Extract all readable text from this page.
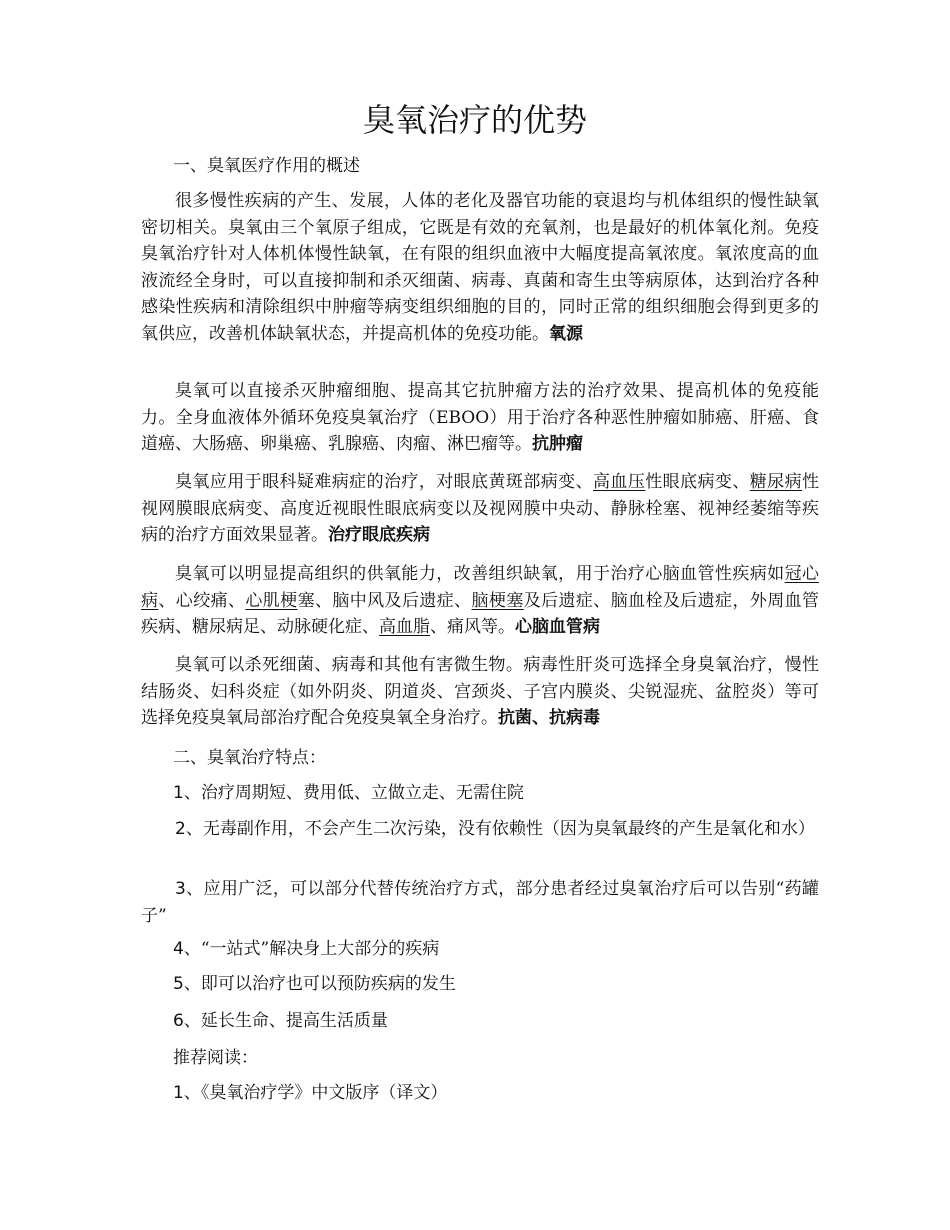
臭氧治疗的优势
一、臭氧医疗作用的概述

很多慢性疾病的产生、发展，人体的老化及器官功能的衰退均与机体组织的慢性缺氧密切相关。臭氧由三个氧原子组成，它既是有效的充氧剂，也是最好的机体氧化剂。免疫臭氧治疗针对人体机体慢性缺氧，在有限的组织血液中大幅度提高氧浓度。氧浓度高的血液流经全身时，可以直接抑制和杀灭细菌、病毒、真菌和寄生虫等病原体，达到治疗各种感染性疾病和清除组织中肿瘤等病变组织细胞的目的，同时正常的组织细胞会得到更多的氧供应，改善机体缺氧状态，并提高机体的免疫功能。氧源

臭氧可以直接杀灭肿瘤细胞、提高其它抗肿瘤方法的治疗效果、提高机体的免疫能力。全身血液体外循环免疫臭氧治疗（EBOO）用于治疗各种恶性肿瘤如肺癌、肝癌、食道癌、大肠癌、卵巢癌、乳腺癌、肉瘤、淋巴瘤等。抗肿瘤

臭氧应用于眼科疑难病症的治疗，对眼底黄斑部病变、高血压性眼底病变、糖尿病性视网膜眼底病变、高度近视眼性眼底病变以及视网膜中央动、静脉栓塞、视神经萎缩等疾病的治疗方面效果显著。治疗眼底疾病

臭氧可以明显提高组织的供氧能力，改善组织缺氧，用于治疗心脑血管性疾病如冠心病、心绞痛、心肌梗塞、脑中风及后遗症、脑梗塞及后遗症、脑血栓及后遗症，外周血管疾病、糖尿病足、动脉硬化症、高血脂、痛风等。心脑血管病

臭氧可以杀死细菌、病毒和其他有害微生物。病毒性肝炎可选择全身臭氧治疗，慢性结肠炎、妇科炎症（如外阴炎、阴道炎、宫颈炎、子宫内膜炎、尖锐湿疣、盆腔炎）等可选择免疫臭氧局部治疗配合免疫臭氧全身治疗。抗菌、抗病毒

二、臭氧治疗特点：
1、治疗周期短、费用低、立做立走、无需住院

2、无毒副作用，不会产生二次污染，没有依赖性（因为臭氧最终的产生是氧化和水）

3、应用广泛，可以部分代替传统治疗方式，部分患者经过臭氧治疗后可以告别“药罐子”

4、“一站式”解决身上大部分的疾病
5、即可以治疗也可以预防疾病的发生
6、延长生命、提高生活质量
推荐阅读：
1、《臭氧治疗学》中文版序（译文）
